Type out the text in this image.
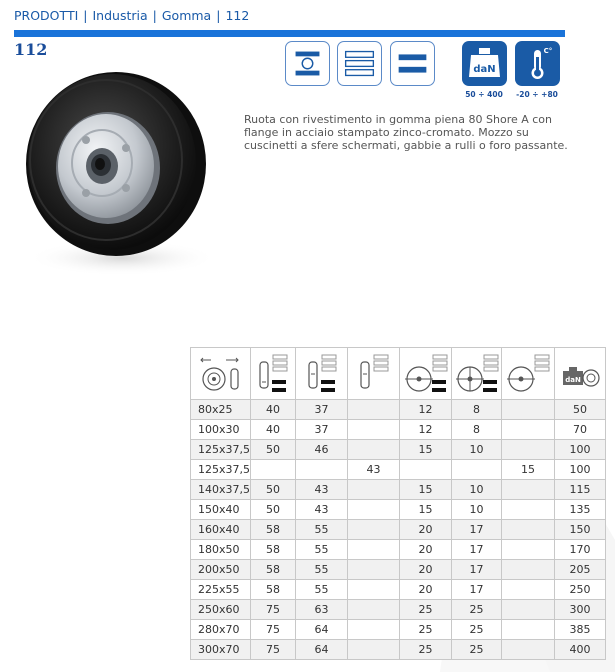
PRODOTTI | Industria | Gomma | 112
112
daN
50 ÷ 400
C°
-20 ÷ +80
Ruota con rivestimento in gomma piena 80 Shore A con flange in acciaio stampato zinco-cromato. Mozzo su cuscinetti a sfere schermati, gabbie a rulli o foro passante.

daN

80x25	40	37		12	8		50
100x30	40	37		12	8		70
125x37,5	50	46		15	10		100
125x37,5			43			15	100
140x37,5	50	43		15	10		115
150x40	50	43		15	10		135
160x40	58	55		20	17		150
180x50	58	55		20	17		170
200x50	58	55		20	17		205
225x55	58	55		20	17		250
250x60	75	63		25	25		300
280x70	75	64		25	25		385
300x70	75	64		25	25		400
